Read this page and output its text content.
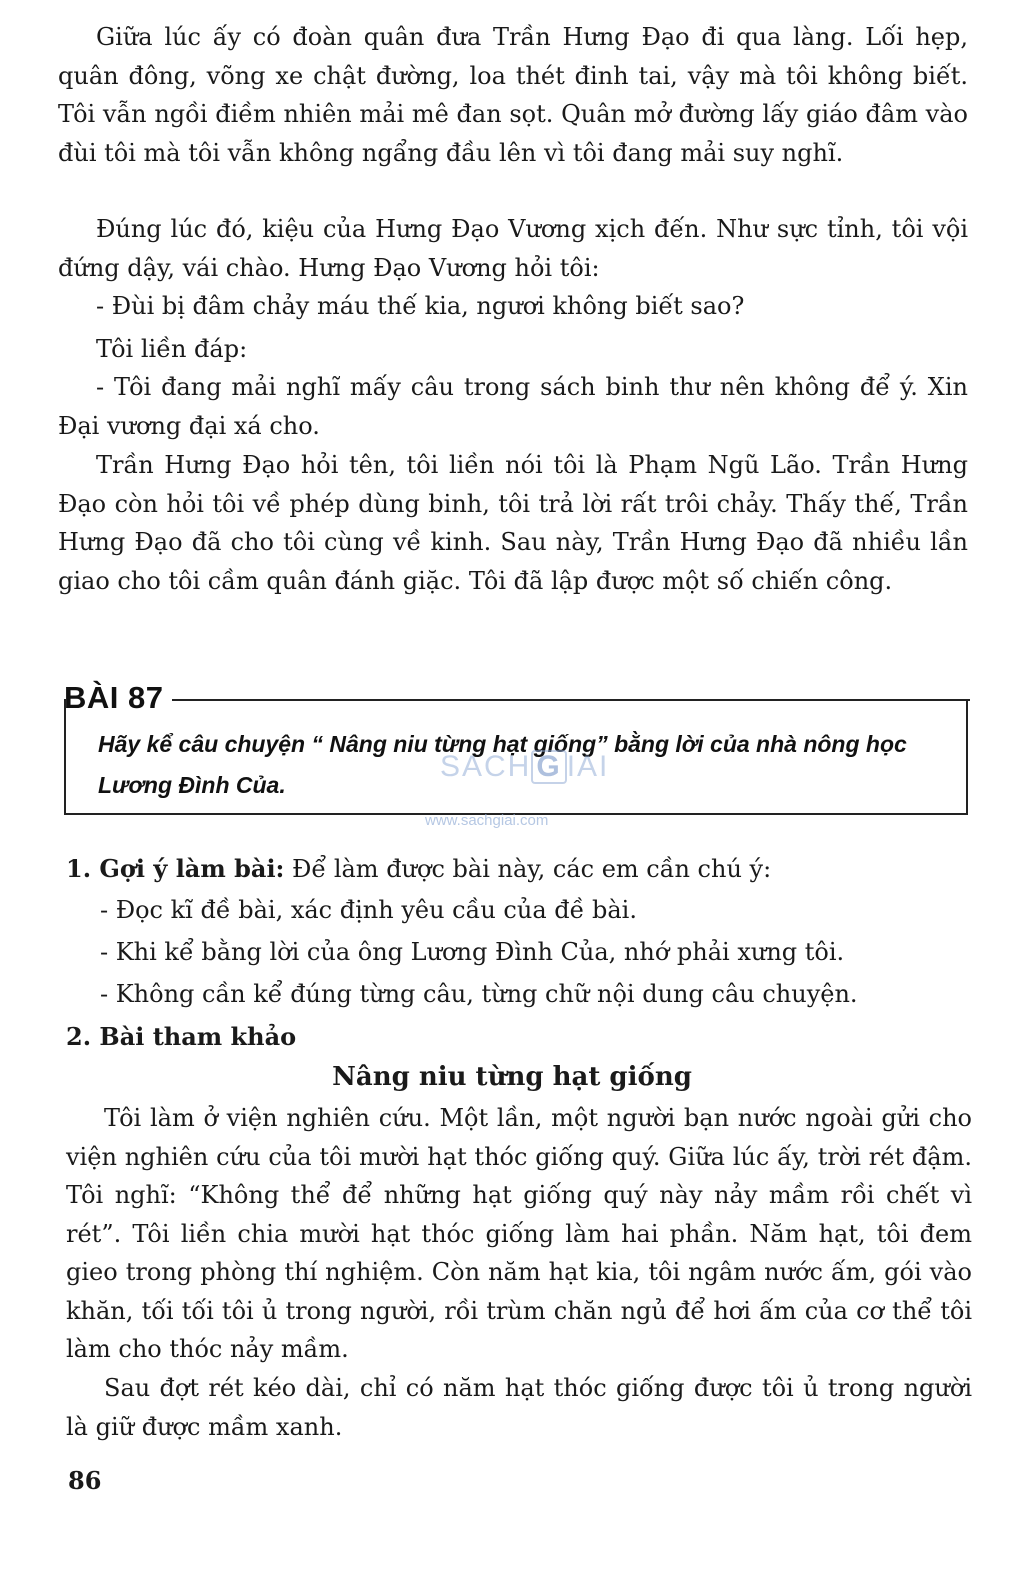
Giữa lúc ấy có đoàn quân đưa Trần Hưng Đạo đi qua làng. Lối hẹp, quân đông, võng xe chật đường, loa thét đinh tai, vậy mà tôi không biết. Tôi vẫn ngồi điềm nhiên mải mê đan sọt. Quân mở đường lấy giáo đâm vào đùi tôi mà tôi vẫn không ngẩng đầu lên vì tôi đang mải suy nghĩ.

Đúng lúc đó, kiệu của Hưng Đạo Vương xịch đến. Như sực tỉnh, tôi vội đứng dậy, vái chào. Hưng Đạo Vương hỏi tôi:

- Đùi bị đâm chảy máu thế kia, ngươi không biết sao?

Tôi liền đáp:

- Tôi đang mải nghĩ mấy câu trong sách binh thư nên không để ý. Xin Đại vương đại xá cho.

Trần Hưng Đạo hỏi tên, tôi liền nói tôi là Phạm Ngũ Lão. Trần Hưng Đạo còn hỏi tôi về phép dùng binh, tôi trả lời rất trôi chảy. Thấy thế, Trần Hưng Đạo đã cho tôi cùng về kinh. Sau này, Trần Hưng Đạo đã nhiều lần giao cho tôi cầm quân đánh giặc. Tôi đã lập được một số chiến công.

BÀI 87

Hãy kể câu chuyện “ Nâng niu từng hạt giống” bằng lời của nhà nông học Lương Đình Của.

SACH G IAI
www.sachgiai.com

1. Gợi ý làm bài: Để làm được bài này, các em cần chú ý:

- Đọc kĩ đề bài, xác định yêu cầu của đề bài.

- Khi kể bằng lời của ông Lương Đình Của, nhớ phải xưng tôi.

- Không cần kể đúng từng câu, từng chữ nội dung câu chuyện.

2. Bài tham khảo

Nâng niu từng hạt giống

Tôi làm ở viện nghiên cứu. Một lần, một người bạn nước ngoài gửi cho viện nghiên cứu của tôi mười hạt thóc giống quý. Giữa lúc ấy, trời rét đậm. Tôi nghĩ: “Không thể để những hạt giống quý này nảy mầm rồi chết vì rét”. Tôi liền chia mười hạt thóc giống làm hai phần. Năm hạt, tôi đem gieo trong phòng thí nghiệm. Còn năm hạt kia, tôi ngâm nước ấm, gói vào khăn, tối tối tôi ủ trong người, rồi trùm chăn ngủ để hơi ấm của cơ thể tôi làm cho thóc nảy mầm.

Sau đợt rét kéo dài, chỉ có năm hạt thóc giống được tôi ủ trong người là giữ được mầm xanh.

86
